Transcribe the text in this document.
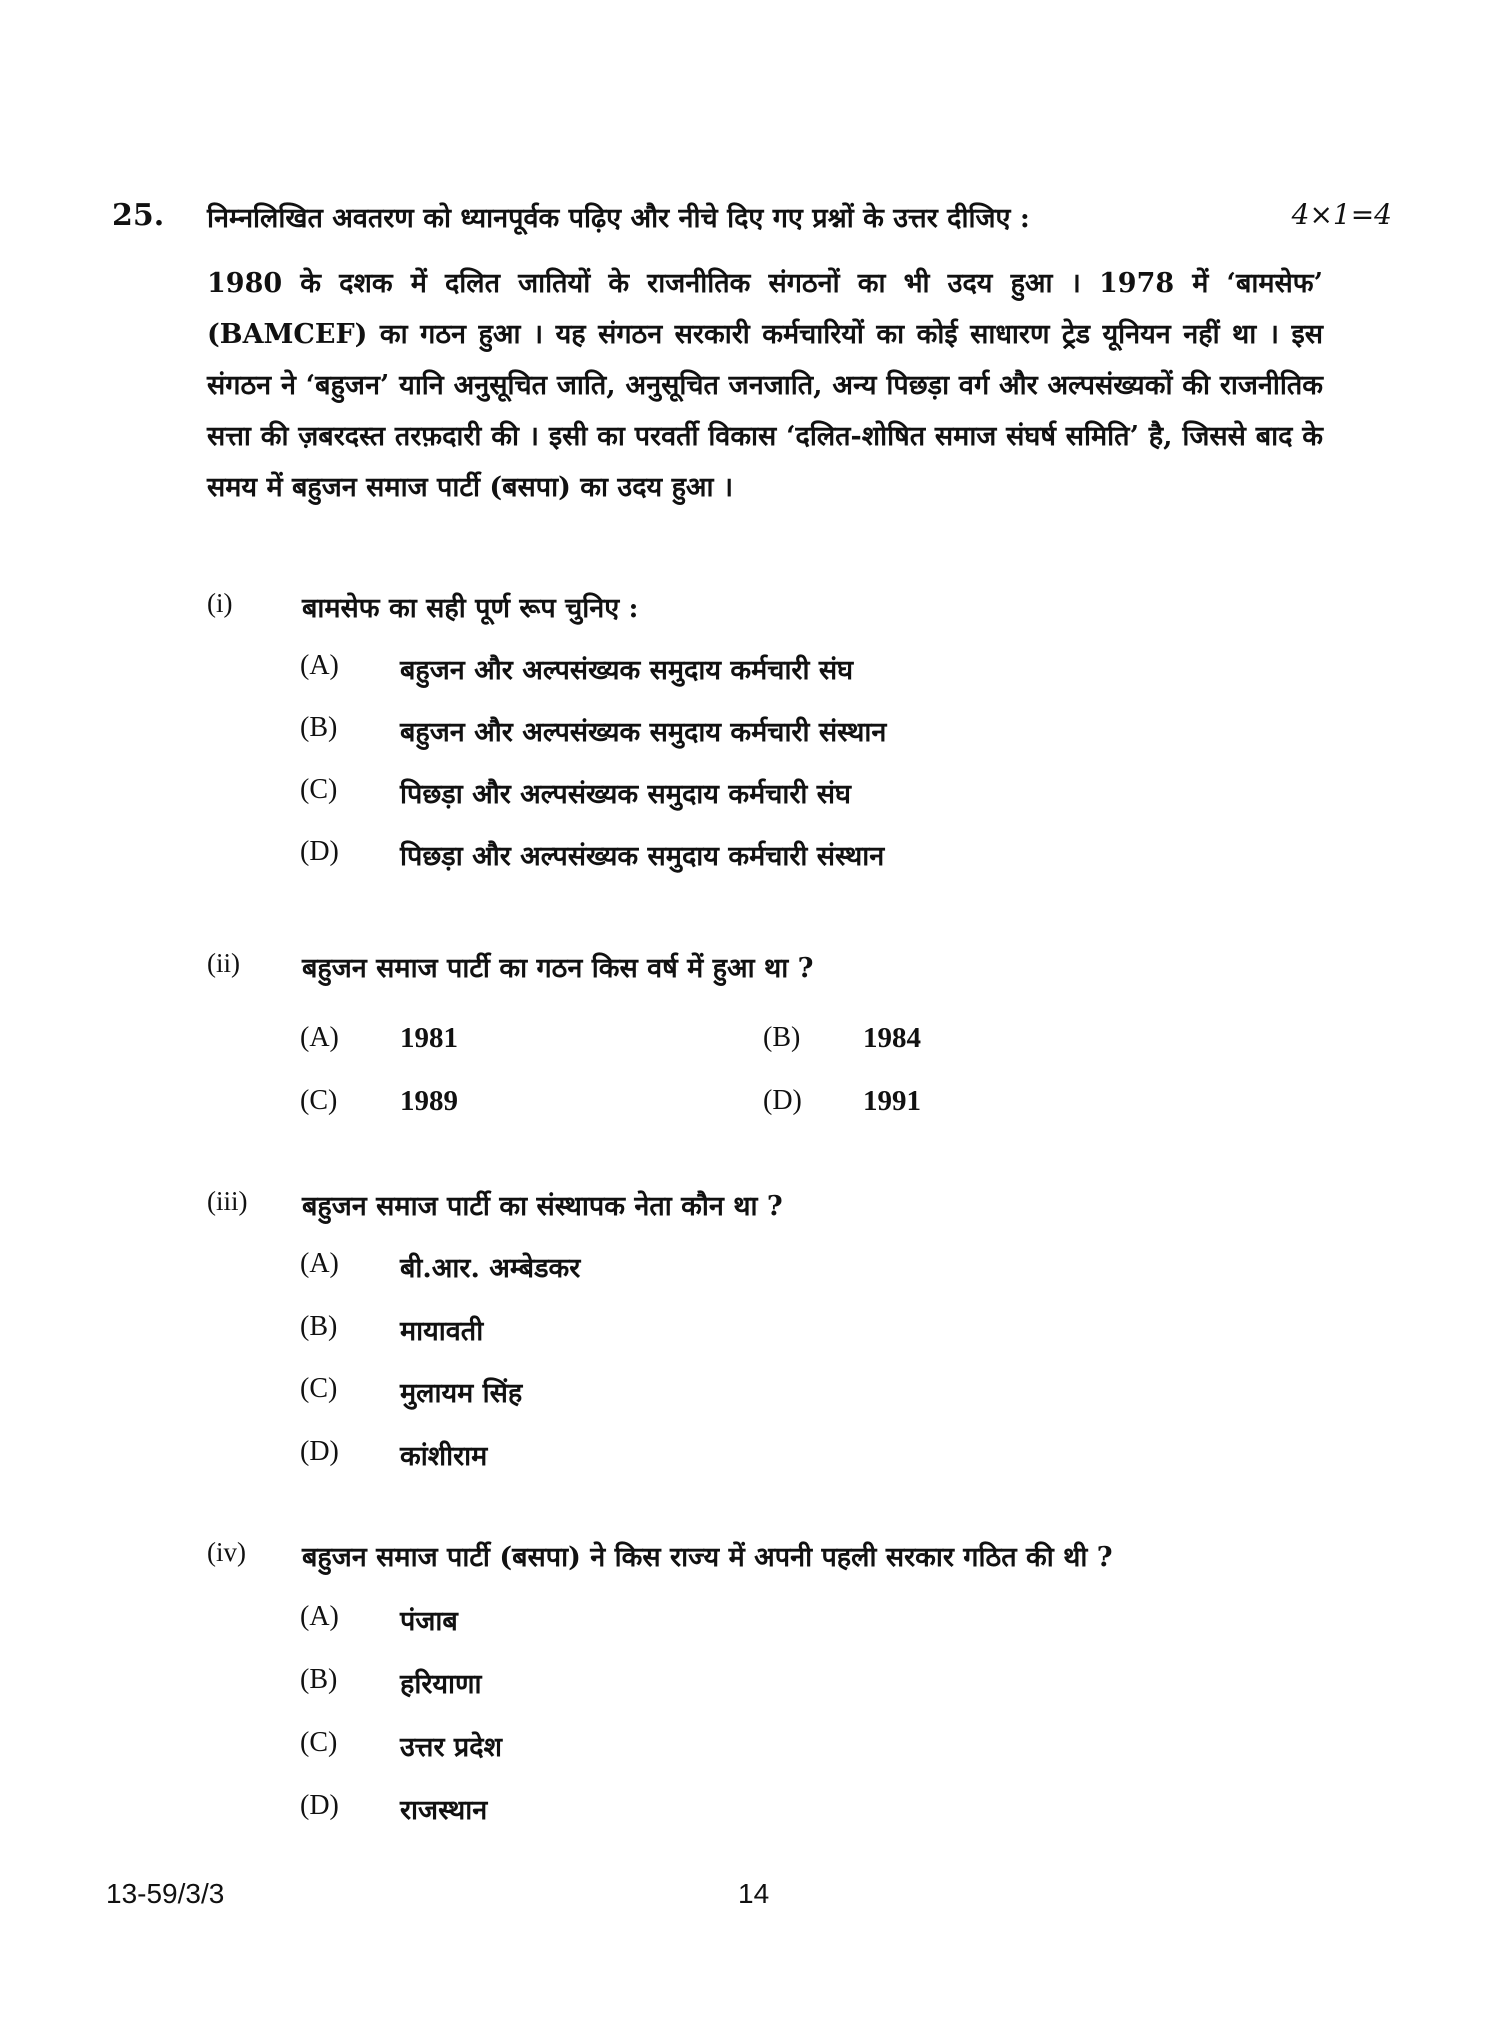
25. निम्नलिखित अवतरण को ध्यानपूर्वक पढ़िए और नीचे दिए गए प्रश्नों के उत्तर दीजिए :	4×1=4
1980 के दशक में दलित जातियों के राजनीतिक संगठनों का भी उदय हुआ । 1978 में ‘बामसेफ’ (BAMCEF) का गठन हुआ । यह संगठन सरकारी कर्मचारियों का कोई साधारण ट्रेड यूनियन नहीं था । इस संगठन ने ‘बहुजन’ यानि अनुसूचित जाति, अनुसूचित जनजाति, अन्य पिछड़ा वर्ग और अल्पसंख्यकों की राजनीतिक सत्ता की ज़बरदस्त तरफ़दारी की । इसी का परवर्ती विकास ‘दलित-शोषित समाज संघर्ष समिति’ है, जिससे बाद के समय में बहुजन समाज पार्टी (बसपा) का उदय हुआ ।
(i)	बामसेफ का सही पूर्ण रूप चुनिए :
(A) बहुजन और अल्पसंख्यक समुदाय कर्मचारी संघ
(B) बहुजन और अल्पसंख्यक समुदाय कर्मचारी संस्थान
(C) पिछड़ा और अल्पसंख्यक समुदाय कर्मचारी संघ
(D) पिछड़ा और अल्पसंख्यक समुदाय कर्मचारी संस्थान
(ii) बहुजन समाज पार्टी का गठन किस वर्ष में हुआ था ?
(A) 1981	(B) 1984
(C) 1989	(D) 1991
(iii) बहुजन समाज पार्टी का संस्थापक नेता कौन था ?
(A) बी.आर. अम्बेडकर
(B) मायावती
(C) मुलायम सिंह
(D) कांशीराम
(iv) बहुजन समाज पार्टी (बसपा) ने किस राज्य में अपनी पहली सरकार गठित की थी ?
(A) पंजाब
(B) हरियाणा
(C) उत्तर प्रदेश
(D) राजस्थान
13-59/3/3	14
